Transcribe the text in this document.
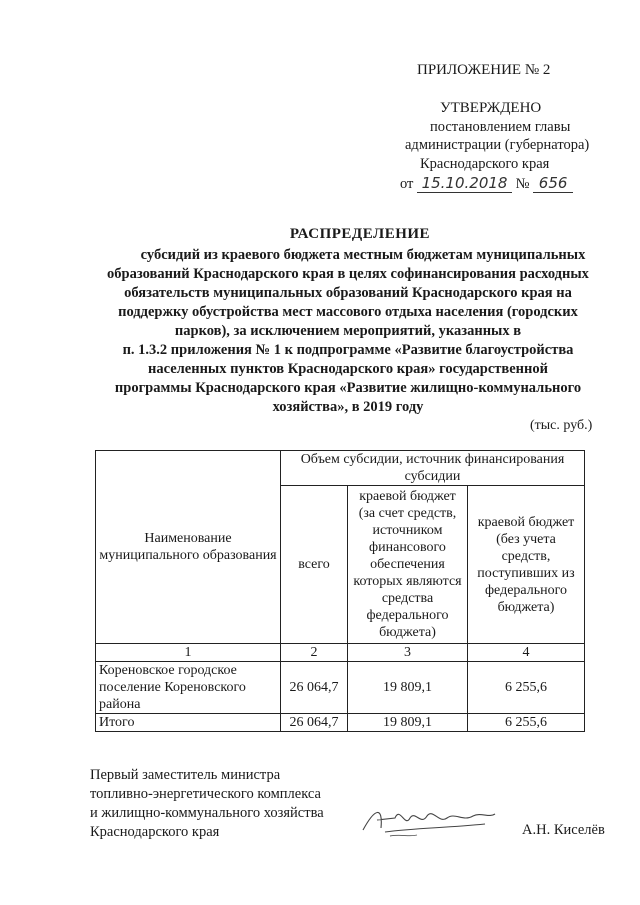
ПРИЛОЖЕНИЕ № 2
УТВЕРЖДЕНО
постановлением главы
администрации (губернатора)
Краснодарского края
от 15.10.2018 № 656
РАСПРЕДЕЛЕНИЕ
субсидий из краевого бюджета местным бюджетам муниципальных
образований Краснодарского края в целях софинансирования расходных
обязательств муниципальных образований Краснодарского края на
поддержку обустройства мест массового отдыха населения (городских
парков), за исключением мероприятий, указанных в
п. 1.3.2 приложения № 1 к подпрограмме «Развитие благоустройства
населенных пунктов Краснодарского края» государственной
программы Краснодарского края «Развитие жилищно-коммунального
хозяйства», в 2019 году
(тыс. руб.)
Наименование муниципального образования	Объем субсидии, источник финансирования субсидии		
	всего	краевой бюджет (за счет средств, источником финансового обеспечения которых являются средства федерального бюджета)	краевой бюджет (без учета средств, поступивших из федерального бюджета)
1	2	3	4
Кореновское городское поселение Кореновского района	26 064,7	19 809,1	6 255,6
Итого	26 064,7	19 809,1	6 255,6
Первый заместитель министра
топливно-энергетического комплекса
и жилищно-коммунального хозяйства
Краснодарского края	А.Н. Киселёв
